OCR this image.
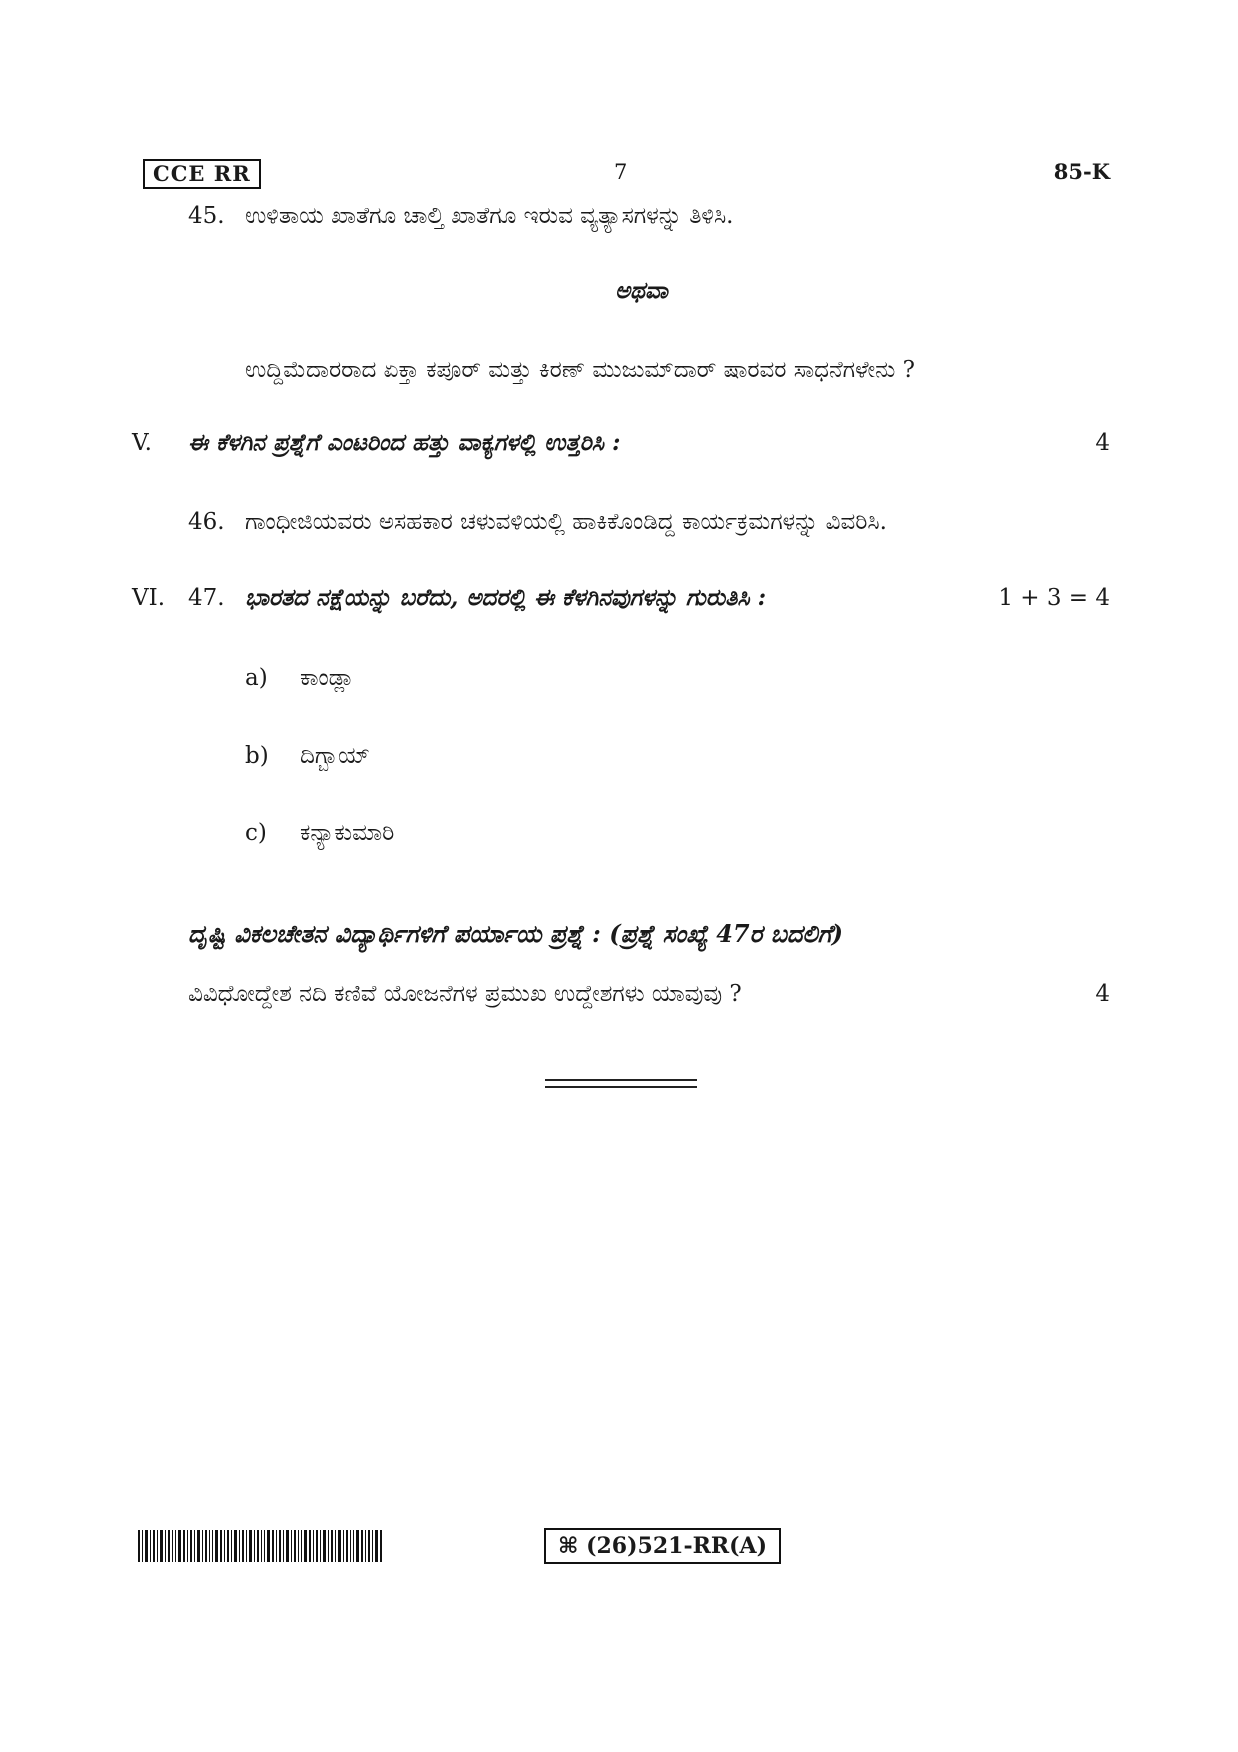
CCE RR	7	85-K
45. ಉಳಿತಾಯ ಖಾತೆಗೂ ಚಾಲ್ತಿ ಖಾತೆಗೂ ಇರುವ ವ್ಯತ್ಯಾಸಗಳನ್ನು ತಿಳಿಸಿ.
ಅಥವಾ
ಉದ್ದಿಮೆದಾರರಾದ ಏಕ್ತಾ ಕಪೂರ್ ಮತ್ತು ಕಿರಣ್ ಮುಜುಮ್‌ದಾರ್ ಷಾರವರ ಸಾಧನೆಗಳೇನು ?
V. ಈ ಕೆಳಗಿನ ಪ್ರಶ್ನೆಗೆ ಎಂಟರಿಂದ ಹತ್ತು ವಾಕ್ಯಗಳಲ್ಲಿ ಉತ್ತರಿಸಿ :	4
46. ಗಾಂಧೀಜಿಯವರು ಅಸಹಕಾರ ಚಳುವಳಿಯಲ್ಲಿ ಹಾಕಿಕೊಂಡಿದ್ದ ಕಾರ್ಯಕ್ರಮಗಳನ್ನು ವಿವರಿಸಿ.
VI. 47. ಭಾರತದ ನಕ್ಷೆಯನ್ನು ಬರೆದು, ಅದರಲ್ಲಿ ಈ ಕೆಳಗಿನವುಗಳನ್ನು ಗುರುತಿಸಿ :	1 + 3 = 4
a) ಕಾಂಡ್ಲಾ
b) ದಿಗ್ಬಾಯ್
c) ಕನ್ಯಾಕುಮಾರಿ
ದೃಷ್ಟಿ ವಿಕಲಚೇತನ ವಿದ್ಯಾರ್ಥಿಗಳಿಗೆ ಪರ್ಯಾಯ ಪ್ರಶ್ನೆ : (ಪ್ರಶ್ನೆ ಸಂಖ್ಯೆ 47ರ ಬದಲಿಗೆ)
ವಿವಿಧೋದ್ದೇಶ ನದಿ ಕಣಿವೆ ಯೋಜನೆಗಳ ಪ್ರಮುಖ ಉದ್ದೇಶಗಳು ಯಾವುವು ?	4
⌘ (26)521-RR(A)
